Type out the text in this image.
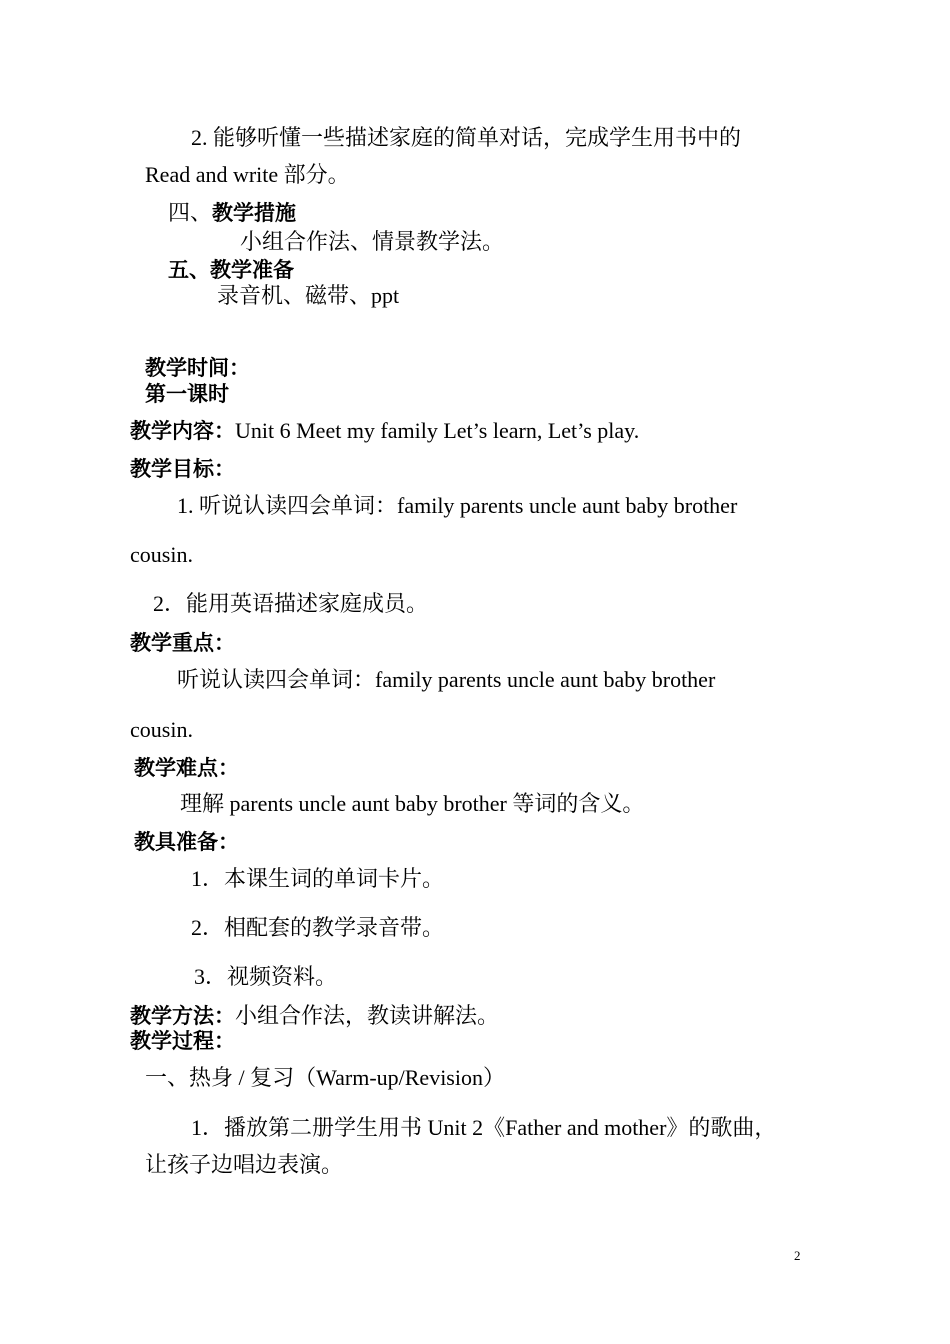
2. 能够听懂一些描述家庭的简单对话，完成学生用书中的
Read and write 部分。
四、教学措施
小组合作法、情景教学法。
五、教学准备
录音机、磁带、ppt
教学时间：
第一课时
教学内容：Unit 6 Meet my family Let’s learn, Let’s play.
教学目标：
1. 听说认读四会单词：family parents uncle aunt baby brother
cousin.
2．能用英语描述家庭成员。
教学重点：
听说认读四会单词：family parents uncle aunt baby brother
cousin.
教学难点：
理解 parents uncle aunt baby brother 等词的含义。
教具准备：
1．本课生词的单词卡片。
2．相配套的教学录音带。
3．视频资料。
教学方法：小组合作法，教读讲解法。
教学过程：
一、热身 / 复习（Warm-up/Revision）
1．播放第二册学生用书 Unit 2《Father and mother》的歌曲，
让孩子边唱边表演。
2
